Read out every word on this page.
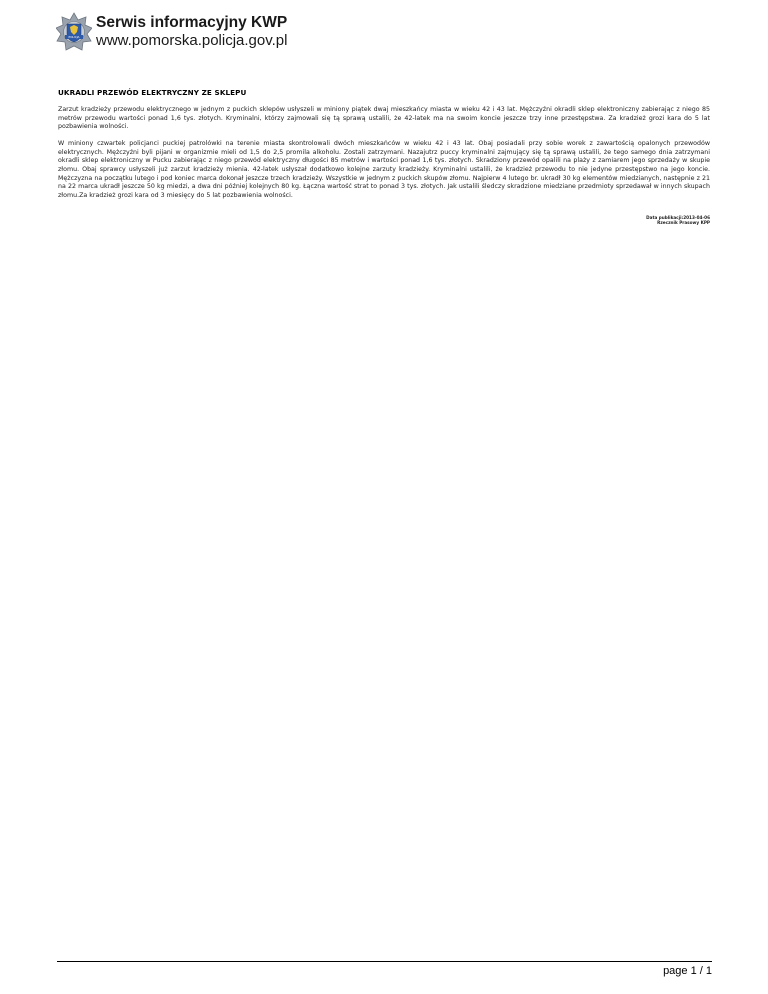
POLICJA
Serwis informacyjny KWP
www.pomorska.policja.gov.pl
UKRADLI PRZEWÓD ELEKTRYCZNY ZE SKLEPU

Zarzut kradzieży przewodu elektrycznego w jednym z puckich sklepów usłyszeli w miniony piątek dwaj mieszkańcy miasta w wieku 42 i 43 lat. Mężczyźni okradli sklep elektroniczny zabierając z niego 85 metrów przewodu wartości ponad 1,6 tys. złotych. Kryminalni, którzy zajmowali się tą sprawą ustalili, że 42-latek ma na swoim koncie jeszcze trzy inne przestępstwa. Za kradzież grozi kara do 5 lat pozbawienia wolności.

W miniony czwartek policjanci puckiej patrolówki na terenie miasta skontrolowali dwóch mieszkańców w wieku 42 i 43 lat. Obaj posiadali przy sobie worek z zawartością opalonych przewodów elektrycznych. Mężczyźni byli pijani w organizmie mieli od 1,5 do 2,5 promila alkoholu. Zostali zatrzymani. Nazajutrz puccy kryminalni zajmujący się tą sprawą ustalili, że tego samego dnia zatrzymani okradli sklep elektroniczny w Pucku zabierając z niego przewód elektryczny długości 85 metrów i wartości ponad 1,6 tys. złotych. Skradziony przewód opalili na plaży z zamiarem jego sprzedaży w skupie złomu. Obaj sprawcy usłyszeli już zarzut kradzieży mienia. 42-latek usłyszał dodatkowo kolejne zarzuty kradzieży. Kryminalni ustalili, że kradzież przewodu to nie jedyne przestępstwo na jego koncie. Mężczyzna na początku lutego i pod koniec marca dokonał jeszcze trzech kradzieży. Wszystkie w jednym z puckich skupów złomu. Najpierw 4 lutego br. ukradł 30 kg elementów miedzianych, następnie z 21 na 22 marca ukradł jeszcze 50 kg miedzi, a dwa dni później kolejnych 80 kg. Łączna wartość strat to ponad 3 tys. złotych. Jak ustalili śledczy skradzione miedziane przedmioty sprzedawał w innych skupach złomu.Za kradzież grozi kara od 3 miesięcy do 5 lat pozbawienia wolności.

Data publikacji:2013-04-06
Rzecznik Prasowy KPP
page 1 / 1
